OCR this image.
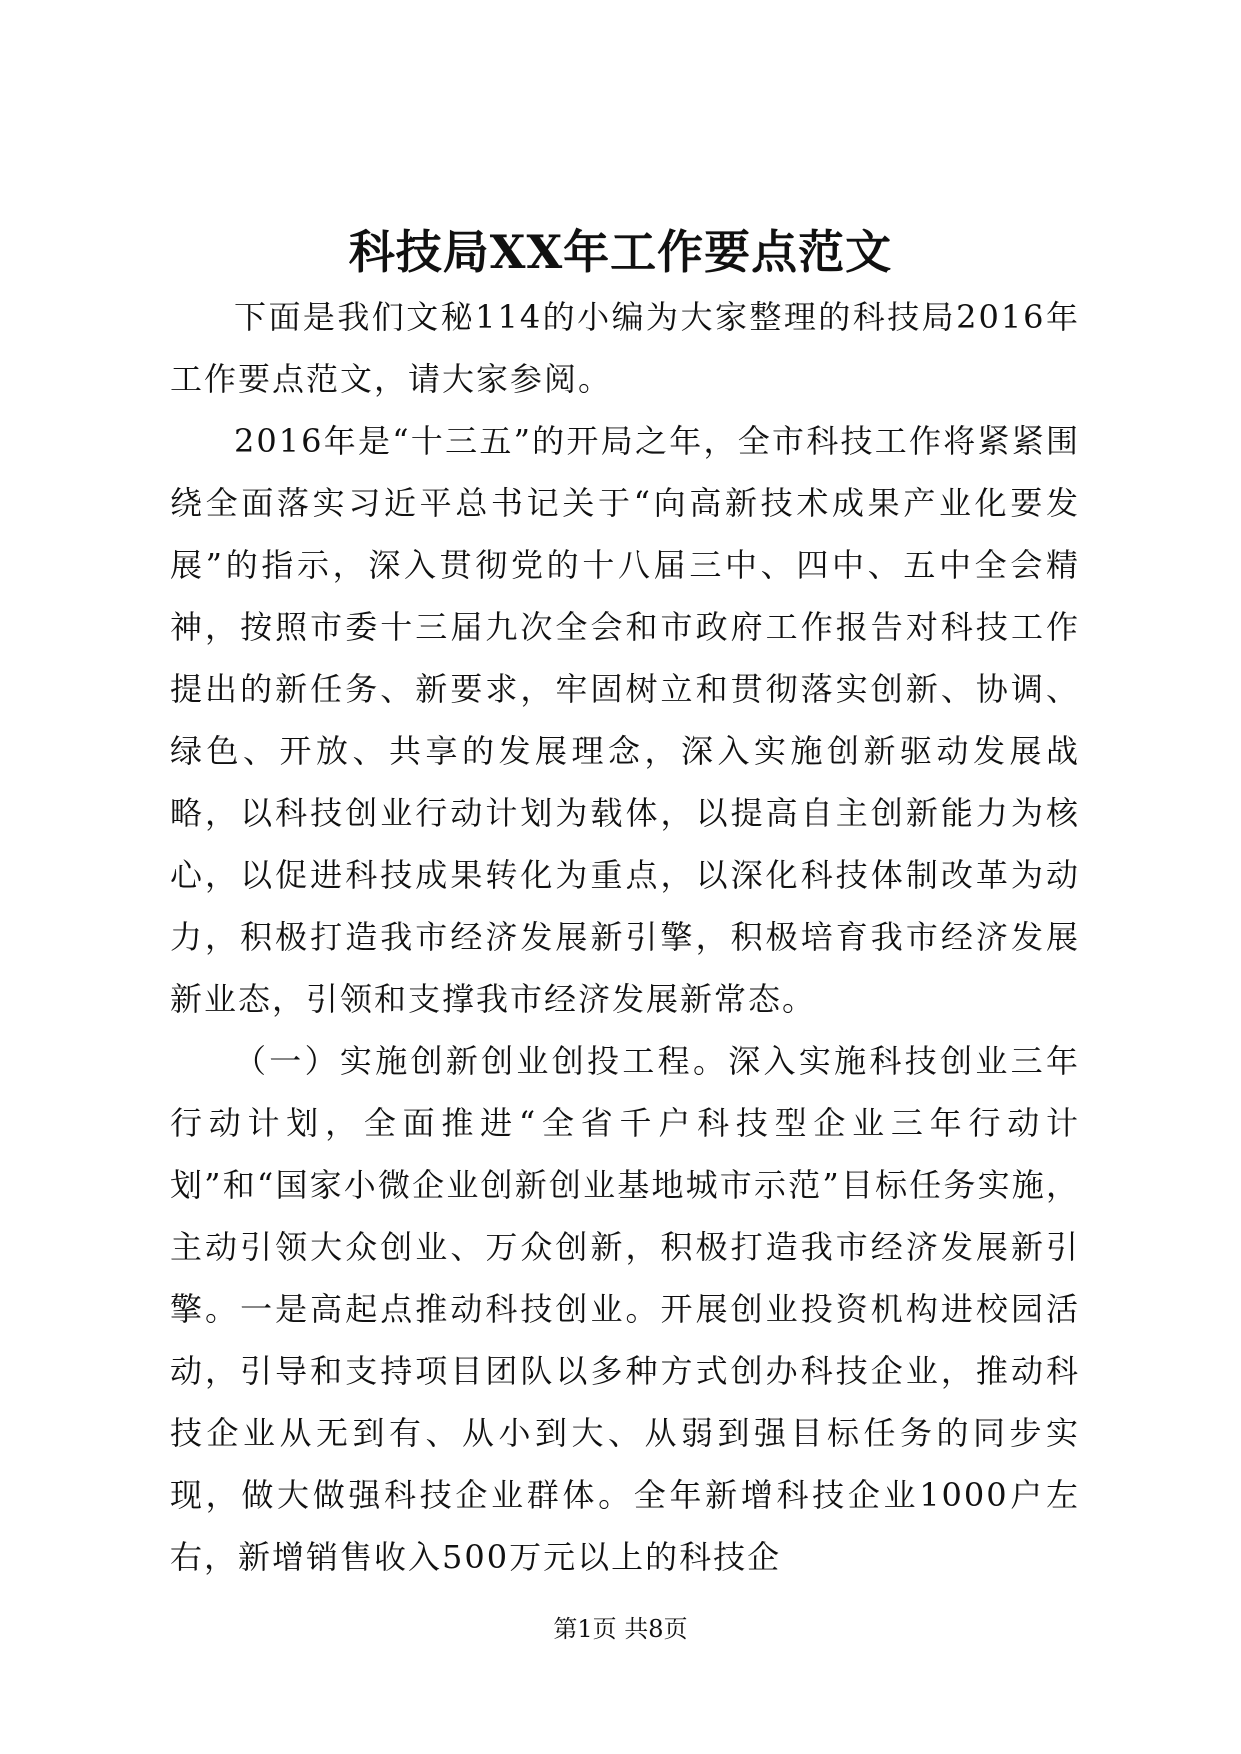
科技局XX年工作要点范文

下面是我们文秘114的小编为大家整理的科技局2016年工作要点范文，请大家参阅。

2016年是“十三五”的开局之年，全市科技工作将紧紧围绕全面落实习近平总书记关于“向高新技术成果产业化要发展”的指示，深入贯彻党的十八届三中、四中、五中全会精神，按照市委十三届九次全会和市政府工作报告对科技工作提出的新任务、新要求，牢固树立和贯彻落实创新、协调、绿色、开放、共享的发展理念，深入实施创新驱动发展战略，以科技创业行动计划为载体，以提高自主创新能力为核心，以促进科技成果转化为重点，以深化科技体制改革为动力，积极打造我市经济发展新引擎，积极培育我市经济发展新业态，引领和支撑我市经济发展新常态。

（一）实施创新创业创投工程。深入实施科技创业三年行动计划，全面推进“全省千户科技型企业三年行动计划”和“国家小微企业创新创业基地城市示范”目标任务实施，主动引领大众创业、万众创新，积极打造我市经济发展新引擎。一是高起点推动科技创业。开展创业投资机构进校园活动，引导和支持项目团队以多种方式创办科技企业，推动科技企业从无到有、从小到大、从弱到强目标任务的同步实现，做大做强科技企业群体。全年新增科技企业1000户左右，新增销售收入500万元以上的科技企

第1页 共8页
